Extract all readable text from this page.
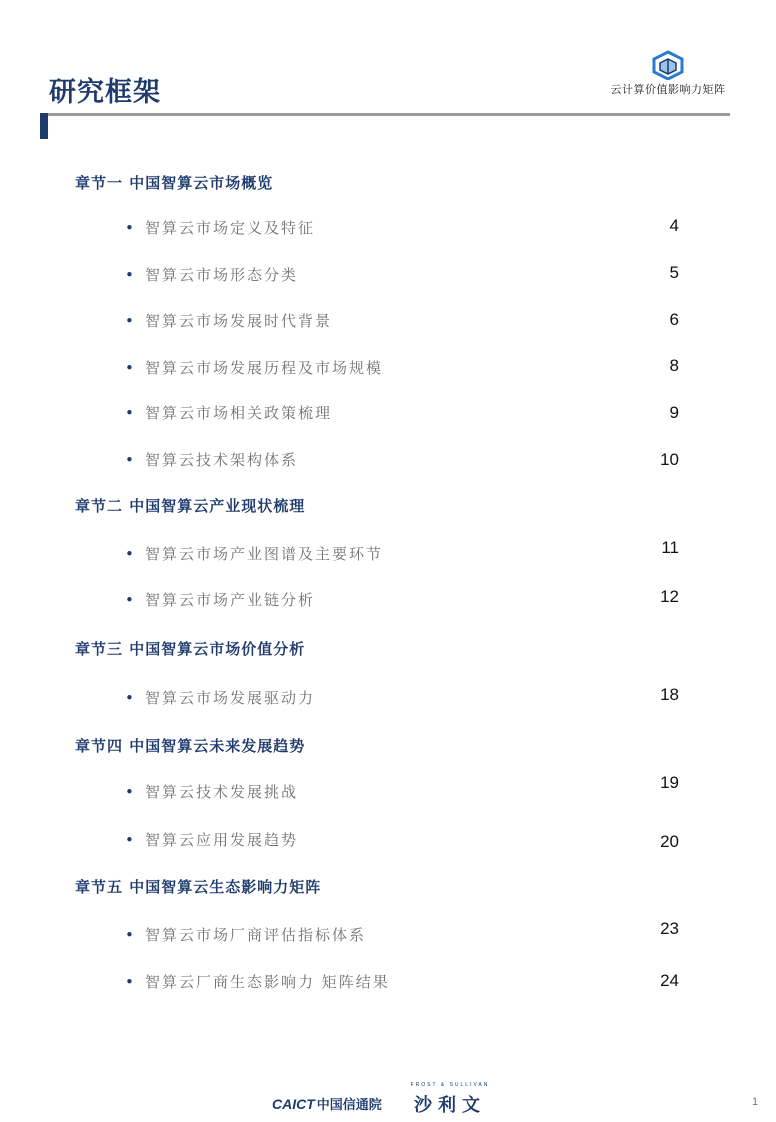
研究框架	云计算价值影响力矩阵
章节一 中国智算云市场概览
• 智算云市场定义及特征	4
• 智算云市场形态分类	5
• 智算云市场发展时代背景	6
• 智算云市场发展历程及市场规模	8
• 智算云市场相关政策梳理	9
• 智算云技术架构体系	10
章节二 中国智算云产业现状梳理
• 智算云市场产业图谱及主要环节	11
• 智算云市场产业链分析	12
章节三 中国智算云市场价值分析
• 智算云市场发展驱动力	18
章节四 中国智算云未来发展趋势
• 智算云技术发展挑战	19
• 智算云应用发展趋势	20
章节五 中国智算云生态影响力矩阵
• 智算云市场厂商评估指标体系	23
• 智算云厂商生态影响力 矩阵结果	24
CAICT 中国信通院
FROST & SULLIVAN
沙利文	1
